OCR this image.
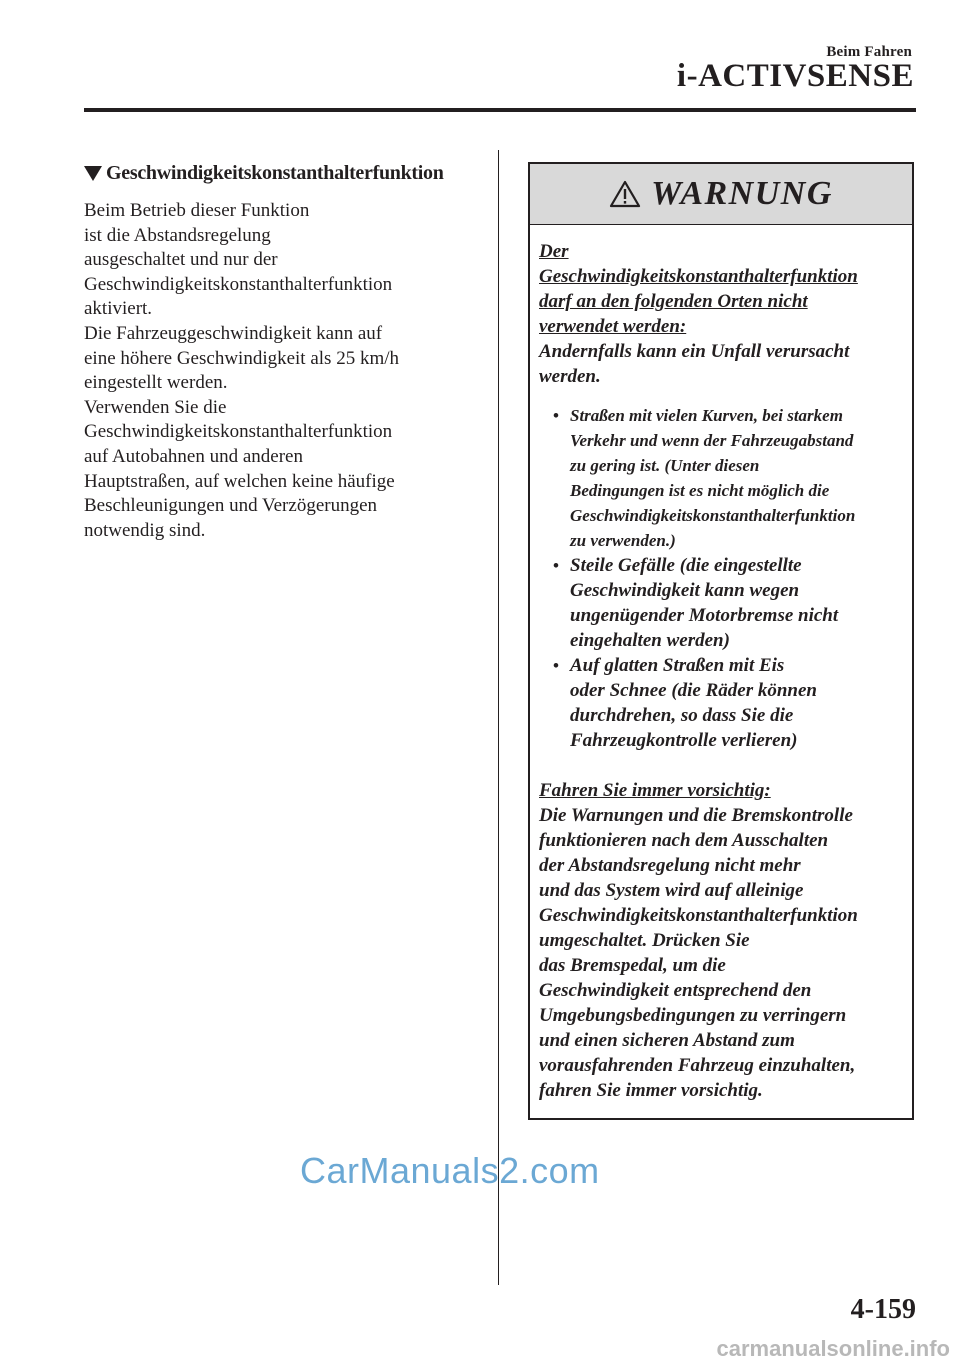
Beim Fahren
i-ACTIVSENSE
Geschwindigkeitskonstanthalterfunktion

Beim Betrieb dieser Funktion

ist die Abstandsregelung

ausgeschaltet und nur der

Geschwindigkeitskonstanthalterfunktion

aktiviert.

Die Fahrzeuggeschwindigkeit kann auf

eine höhere Geschwindigkeit als 25 km/h

eingestellt werden.

Verwenden Sie die

Geschwindigkeitskonstanthalterfunktion

auf Autobahnen und anderen

Hauptstraßen, auf welchen keine häufige

Beschleunigungen und Verzögerungen

notwendig sind.

WARNUNG

Der

Geschwindigkeitskonstanthalterfunktion

darf an den folgenden Orten nicht

verwendet werden:

Andernfalls kann ein Unfall verursacht

werden.

• Straßen mit vielen Kurven, bei starkem

Verkehr und wenn der Fahrzeugabstand

zu gering ist. (Unter diesen

Bedingungen ist es nicht möglich die

Geschwindigkeitskonstanthalterfunktion

zu verwenden.)

• Steile Gefälle (die eingestellte

Geschwindigkeit kann wegen

ungenügender Motorbremse nicht

eingehalten werden)

• Auf glatten Straßen mit Eis

oder Schnee (die Räder können

durchdrehen, so dass Sie die

Fahrzeugkontrolle verlieren)

Fahren Sie immer vorsichtig:

Die Warnungen und die Bremskontrolle

funktionieren nach dem Ausschalten

der Abstandsregelung nicht mehr

und das System wird auf alleinige

Geschwindigkeitskonstanthalterfunktion

umgeschaltet. Drücken Sie

das Bremspedal, um die

Geschwindigkeit entsprechend den

Umgebungsbedingungen zu verringern

und einen sicheren Abstand zum

vorausfahrenden Fahrzeug einzuhalten,

fahren Sie immer vorsichtig.

CarManuals2.com
4-159
carmanualsonline.info
